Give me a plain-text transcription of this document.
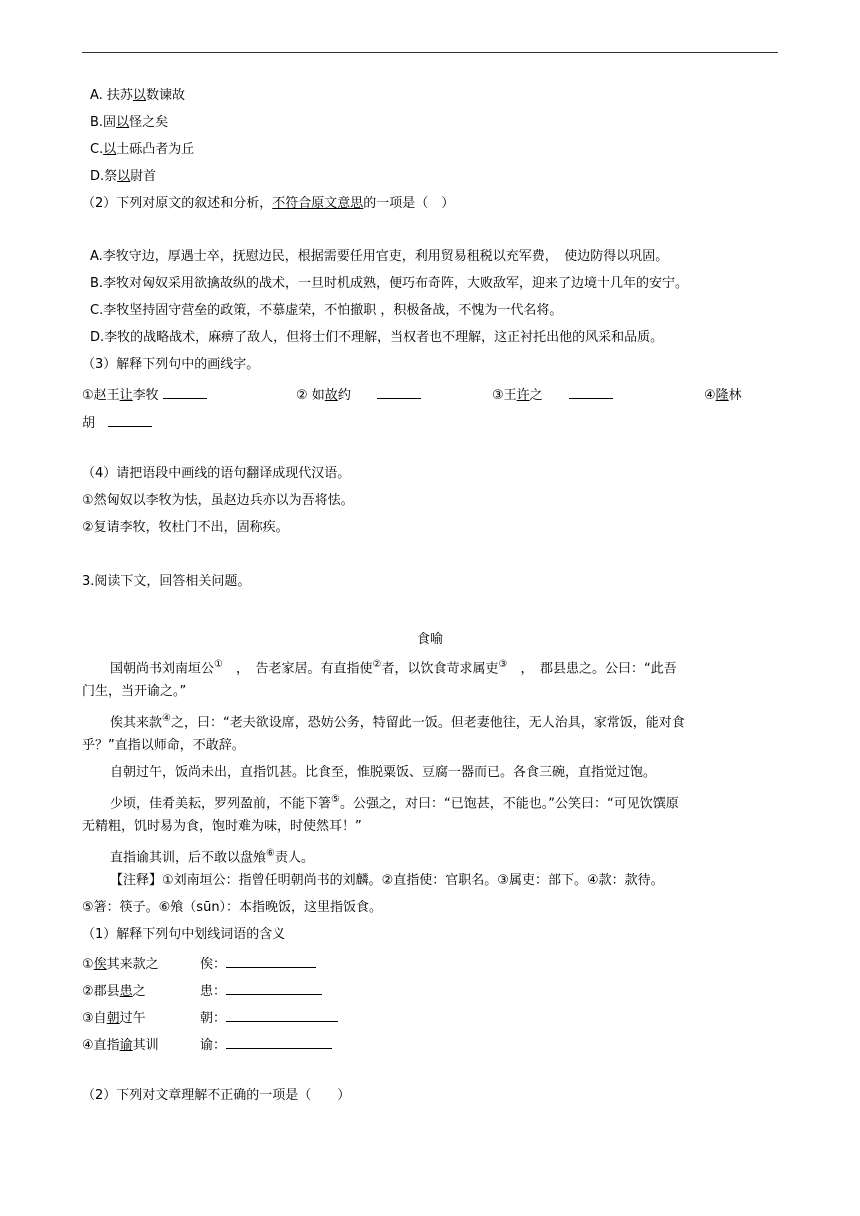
A. 扶苏以数谏故
B.固以怪之矣
C.以土砾凸者为丘
D.祭以尉首
（2）下列对原文的叙述和分析，不符合原文意思的一项是（　）
A.李牧守边，厚遇士卒，抚慰边民，根据需要任用官吏，利用贸易租税以充军费，　使边防得以巩固。
B.李牧对匈奴采用欲擒故纵的战术，一旦时机成熟，便巧布奇阵，大败敌军，迎来了边境十几年的安宁。
C.李牧坚持固守营垒的政策，不慕虚荣，不怕撤职 ，积极备战，不愧为一代名将。
D.李牧的战略战术，麻痹了敌人，但将士们不理解，当权者也不理解，这正衬托出他的风采和品质。
（3）解释下列句中的画线字。
①赵王让李牧	② 如故约　　	③王许之　　	④隆林
胡　
（4）请把语段中画线的语句翻译成现代汉语。
①然匈奴以李牧为怯，虽赵边兵亦以为吾将怯。
②复请李牧，牧杜门不出，固称疾。
3.阅读下文，回答相关问题。
食喻
国朝尚书刘南垣公①　，　告老家居。有直指使②者，以饮食苛求属吏③　，　郡县患之。公曰：“此吾
门生，当开谕之。”
俟其来款④之，曰：“老夫欲设席，恐妨公务，特留此一饭。但老妻他往，无人治具，家常饭，能对食
乎？”直指以师命，不敢辞。
自朝过午，饭尚未出，直指饥甚。比食至，惟脱粟饭、豆腐一器而已。各食三碗，直指觉过饱。
少顷，佳肴美耘，罗列盈前，不能下箸⑤。公强之，对曰：“已饱甚，不能也。”公笑曰：“可见饮馔原
无精粗，饥时易为食，饱时难为味，时使然耳！”
直指谕其训，后不敢以盘飧⑥责人。
【注释】①刘南垣公：指曾任明朝尚书的刘麟。②直指使：官职名。③属吏：部下。④款：款待。
⑤箸：筷子。⑥飧（sūn）：本指晚饭，这里指饭食。
（1）解释下列句中划线词语的含义
①俟其来款之	俟：
②郡县患之	患：
③自朝过午	朝：
④直指谕其训	谕：
（2）下列对文章理解不正确的一项是（　　）
